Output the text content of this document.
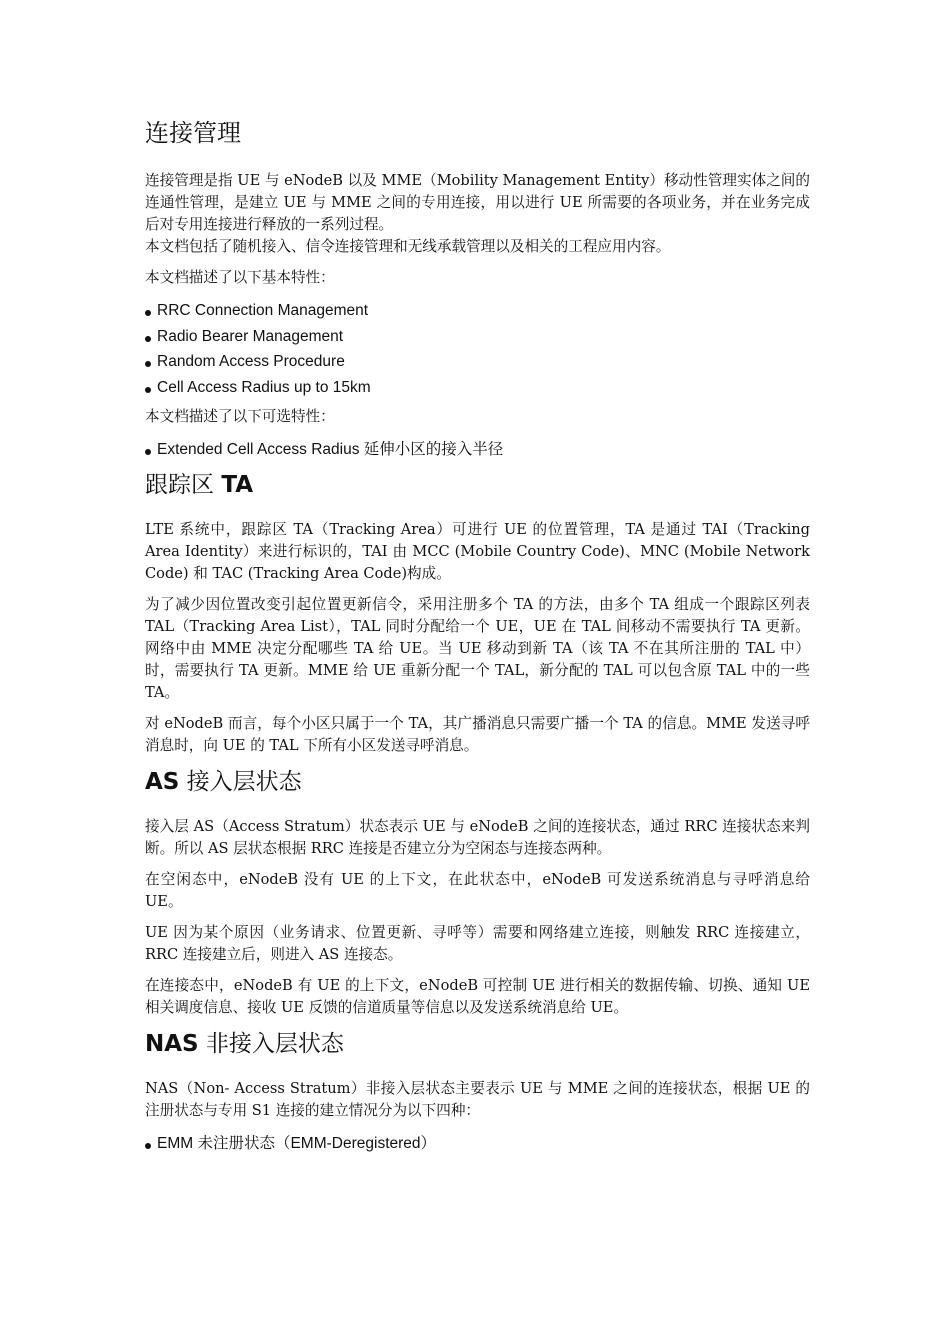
连接管理

连接管理是指 UE 与 eNodeB 以及 MME（Mobility Management Entity）移动性管理实体之间的连通性管理，是建立 UE 与 MME 之间的专用连接，用以进行 UE 所需要的各项业务，并在业务完成后对专用连接进行释放的一系列过程。

本文档包括了随机接入、信令连接管理和无线承载管理以及相关的工程应用内容。

本文档描述了以下基本特性：

RRC Connection Management
Radio Bearer Management
Random Access Procedure
Cell Access Radius up to 15km

本文档描述了以下可选特性：

Extended Cell Access Radius 延伸小区的接入半径
跟踪区 TA

LTE 系统中，跟踪区 TA（Tracking Area）可进行 UE 的位置管理，TA 是通过 TAI（Tracking Area Identity）来进行标识的，TAI 由 MCC (Mobile Country Code)、MNC (Mobile Network Code) 和 TAC (Tracking Area Code)构成。

为了减少因位置改变引起位置更新信令，采用注册多个 TA 的方法，由多个 TA 组成一个跟踪区列表 TAL（Tracking Area List），TAL 同时分配给一个 UE，UE 在 TAL 间移动不需要执行 TA 更新。网络中由 MME 决定分配哪些 TA 给 UE。当 UE 移动到新 TA（该 TA 不在其所注册的 TAL 中）时，需要执行 TA 更新。MME 给 UE 重新分配一个 TAL，新分配的 TAL 可以包含原 TAL 中的一些 TA。

对 eNodeB 而言，每个小区只属于一个 TA，其广播消息只需要广播一个 TA 的信息。MME 发送寻呼消息时，向 UE 的 TAL 下所有小区发送寻呼消息。

AS 接入层状态

接入层 AS（Access Stratum）状态表示 UE 与 eNodeB 之间的连接状态，通过 RRC 连接状态来判断。所以 AS 层状态根据 RRC 连接是否建立分为空闲态与连接态两种。

在空闲态中，eNodeB 没有 UE 的上下文，在此状态中，eNodeB 可发送系统消息与寻呼消息给 UE。

UE 因为某个原因（业务请求、位置更新、寻呼等）需要和网络建立连接，则触发 RRC 连接建立，RRC 连接建立后，则进入 AS 连接态。

在连接态中，eNodeB 有 UE 的上下文，eNodeB 可控制 UE 进行相关的数据传输、切换、通知 UE 相关调度信息、接收 UE 反馈的信道质量等信息以及发送系统消息给 UE。

NAS 非接入层状态

NAS（Non- Access Stratum）非接入层状态主要表示 UE 与 MME 之间的连接状态，根据 UE 的注册状态与专用 S1 连接的建立情况分为以下四种：

EMM 未注册状态（EMM-Deregistered）
